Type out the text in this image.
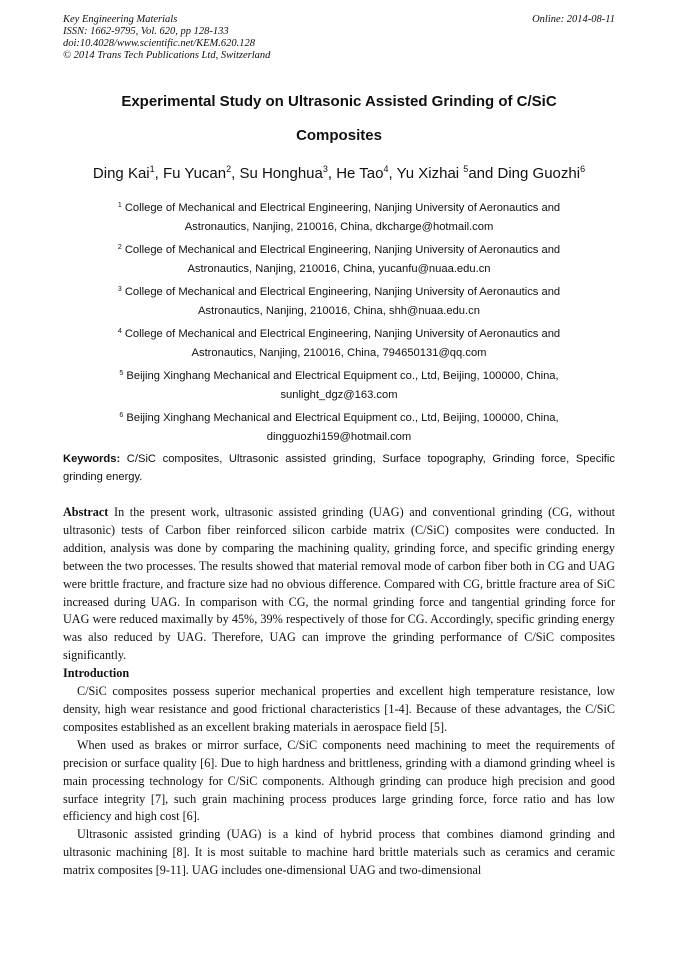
Key Engineering Materials
ISSN: 1662-9795, Vol. 620, pp 128-133
doi:10.4028/www.scientific.net/KEM.620.128
© 2014 Trans Tech Publications Ltd, Switzerland
Online: 2014-08-11
Experimental Study on Ultrasonic Assisted Grinding of C/SiC
Composites
Ding Kai$^1$, Fu Yucan$^2$, Su Honghua$^3$, He Tao$^4$, Yu Xizhai $^5$and Ding Guozhi$^6$
$^1$ College of Mechanical and Electrical Engineering, Nanjing University of Aeronautics and
Astronautics, Nanjing, 210016, China, dkcharge@hotmail.com
$^2$ College of Mechanical and Electrical Engineering, Nanjing University of Aeronautics and
Astronautics, Nanjing, 210016, China, yucanfu@nuaa.edu.cn
$^3$ College of Mechanical and Electrical Engineering, Nanjing University of Aeronautics and
Astronautics, Nanjing, 210016, China, shh@nuaa.edu.cn
$^4$ College of Mechanical and Electrical Engineering, Nanjing University of Aeronautics and
Astronautics, Nanjing, 210016, China, 794650131@qq.com
$^5$ Beijing Xinghang Mechanical and Electrical Equipment co., Ltd, Beijing, 100000, China,
sunlight_dgz@163.com
$^6$ Beijing Xinghang Mechanical and Electrical Equipment co., Ltd, Beijing, 100000, China,
dingguozhi159@hotmail.com
Keywords: C/SiC composites, Ultrasonic assisted grinding, Surface topography, Grinding force, Specific grinding energy.

Abstract In the present work, ultrasonic assisted grinding (UAG) and conventional grinding (CG, without ultrasonic) tests of Carbon fiber reinforced silicon carbide matrix (C/SiC) composites were conducted. In addition, analysis was done by comparing the machining quality, grinding force, and specific grinding energy between the two processes. The results showed that material removal mode of carbon fiber both in CG and UAG were brittle fracture, and fracture size had no obvious difference. Compared with CG, brittle fracture area of SiC increased during UAG. In comparison with CG, the normal grinding force and tangential grinding force for UAG were reduced maximally by 45%, 39% respectively of those for CG. Accordingly, specific grinding energy was also reduced by UAG. Therefore, UAG can improve the grinding performance of C/SiC composites significantly.

Introduction

C/SiC composites possess superior mechanical properties and excellent high temperature resistance, low density, high wear resistance and good frictional characteristics [1-4]. Because of these advantages, the C/SiC composites established as an excellent braking materials in aerospace field [5].

When used as brakes or mirror surface, C/SiC components need machining to meet the requirements of precision or surface quality [6]. Due to high hardness and brittleness, grinding with a diamond grinding wheel is main processing technology for C/SiC components. Although grinding can produce high precision and good surface integrity [7], such grain machining process produces large grinding force, force ratio and has low efficiency and high cost [6].

Ultrasonic assisted grinding (UAG) is a kind of hybrid process that combines diamond grinding and ultrasonic machining [8]. It is most suitable to machine hard brittle materials such as ceramics and ceramic matrix composites [9-11]. UAG includes one-dimensional UAG and two-dimensional
